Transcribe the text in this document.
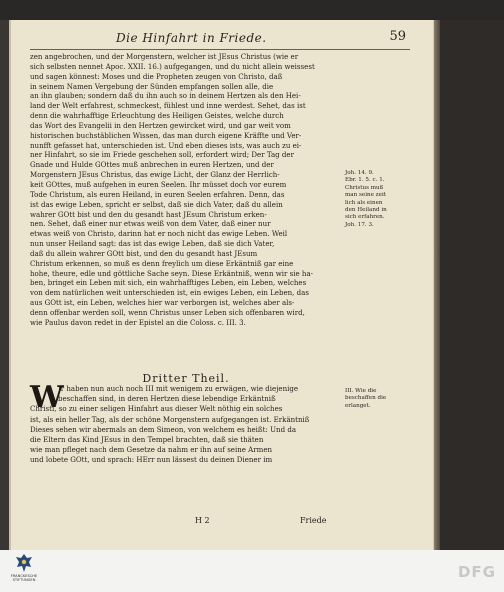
Die Hinfahrt in Friede.	59
zen angebrochen, und der Morgenstern, welcher ist JEsus Christus (wie er
sich selbsten nennet Apoc. XXII. 16.) aufgegangen, und du nicht allein weissest
und sagen könnest: Moses und die Propheten zeugen von Christo, daß
in seinem Namen Vergebung der Sünden empfangen sollen alle, die
an ihn glauben; sondern daß du ihn auch so in deinem Hertzen als den Hei-
land der Welt erfahrest, schmeckest, fühlest und inne werdest. Sehet, das ist
denn die wahrhafftige Erleuchtung des Heiligen Geistes, welche durch
das Wort des Evangelii in den Hertzen gewircket wird, und gar weit vom
historischen buchstäblichen Wissen, das man durch eigene Kräffte und Ver-
nunfft gefasset hat, unterschieden ist. Und eben dieses ists, was auch zu ei-
ner Hinfahrt, so sie im Friede geschehen soll, erfordert wird; Der Tag der
Gnade und Hulde GOttes muß anbrechen in euren Hertzen, und der
Morgenstern JEsus Christus, das ewige Licht, der Glanz der Herrlich-
keit GOttes, muß aufgehen in euren Seelen. Ihr müsset doch vor eurem
Tode Christum, als euren Heiland, in euren Seelen erfahren. Denn, das
ist das ewige Leben, spricht er selbst, daß sie dich Vater, daß du allein
wahrer GOtt bist und den du gesandt hast JEsum Christum erken-
nen. Sehet, daß einer nur etwas weiß von dem Vater, daß einer nur
etwas weiß von Christo, darinn hat er noch nicht das ewige Leben. Weil
nun unser Heiland sagt: das ist das ewige Leben, daß sie dich Vater,
daß du allein wahrer GOtt bist, und den du gesandt hast JEsum
Christum erkennen, so muß es denn freylich um diese Erkäntniß gar eine
hohe, theure, edle und göttliche Sache seyn. Diese Erkäntniß, wenn wir sie ha-
ben, bringet ein Leben mit sich, ein wahrhafftiges Leben, ein Leben, welches
von dem natürlichen weit unterschieden ist, ein ewiges Leben, ein Leben, das
aus GOtt ist, ein Leben, welches hier war verborgen ist, welches aber als-
denn offenbar werden soll, wenn Christus unser Leben sich offenbaren wird,
wie Paulus davon redet in der Epistel an die Coloss. c. III. 3.
Joh. 14. 9.
Ebr. 1. 5. c. 1.
Christus muß
man seine zeit
lich als einen
den Heiland in
sich erfahren.
Joh. 17. 3.
Dritter Theil.
W
Ir haben nun auch noch III mit wenigem zu erwägen, wie diejenige
beschaffen sind, in deren Hertzen diese lebendige Erkäntniß
Christi, so zu einer seligen Hinfahrt aus dieser Welt nöthig ein solches
ist, als ein heller Tag, als der schöne Morgenstern aufgegangen ist. Erkäntniß
Dieses sehen wir abermals an dem Simeon, von welchem es heißt: Und da
die Eltern das Kind JEsus in den Tempel brachten, daß sie thäten
wie man pfleget nach dem Gesetze da nahm er ihn auf seine Armen
und lobete GOtt, und sprach: HErr nun lässest du deinen Diener im
III. Wie die
beschaffen die
erlanget.
H 2	Friede
FRANCKESCHE STIFTUNGEN	DFG
